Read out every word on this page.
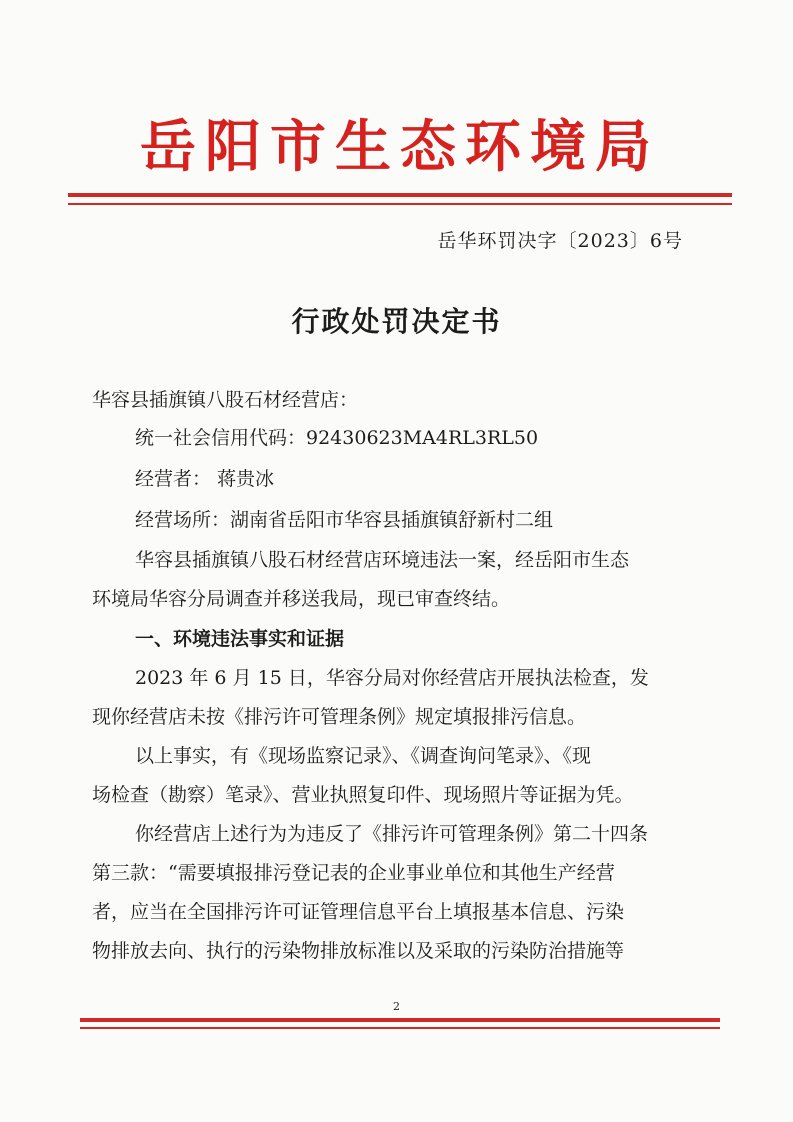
岳阳市生态环境局
岳华环罚决字〔2023〕6号
行政处罚决定书
华容县插旗镇八股石材经营店：
统一社会信用代码：92430623MA4RL3RL50
经营者： 蒋贵冰
经营场所：湖南省岳阳市华容县插旗镇舒新村二组
华容县插旗镇八股石材经营店环境违法一案，经岳阳市生态
环境局华容分局调查并移送我局，现已审查终结。
一、环境违法事实和证据
2023 年 6 月 15 日，华容分局对你经营店开展执法检查，发
现你经营店未按《排污许可管理条例》规定填报排污信息。
以上事实，有《现场监察记录》、《调查询问笔录》、《现
场检查（勘察）笔录》、营业执照复印件、现场照片等证据为凭。
你经营店上述行为为违反了《排污许可管理条例》第二十四条
第三款：“需要填报排污登记表的企业事业单位和其他生产经营
者，应当在全国排污许可证管理信息平台上填报基本信息、污染
物排放去向、执行的污染物排放标准以及采取的污染防治措施等
2
